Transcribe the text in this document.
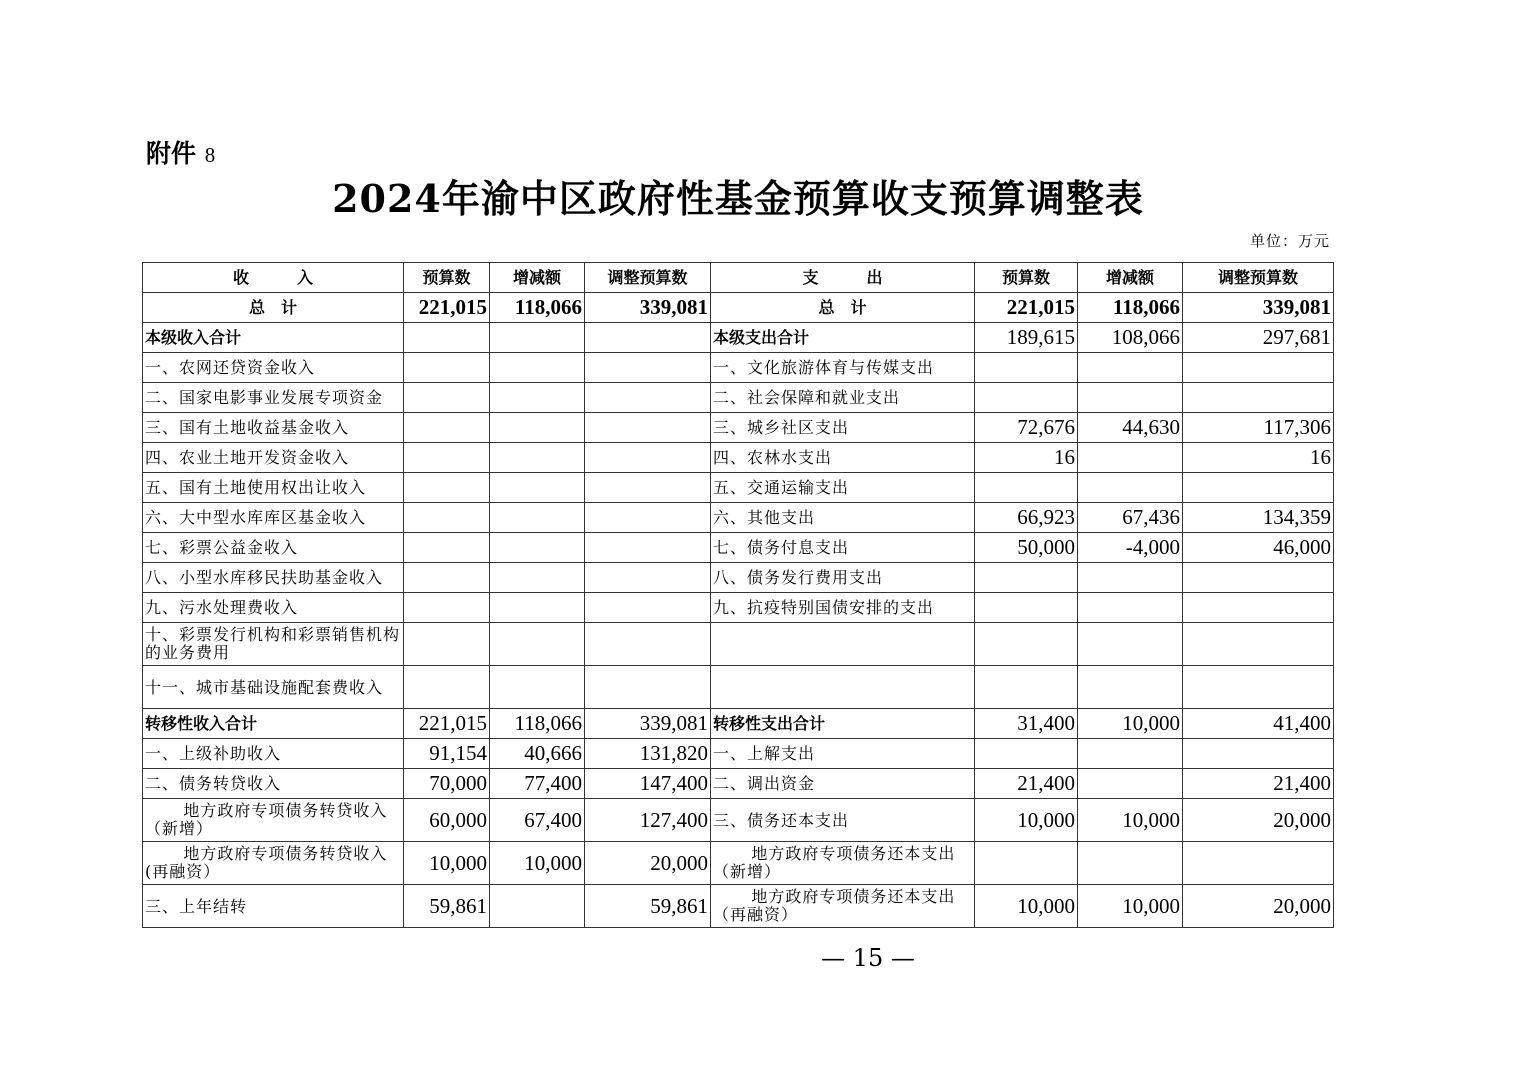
附件 8
2024年渝中区政府性基金预算收支预算调整表
单位：万元
收　　　入	预算数	增减额	调整预算数	支　　　出	预算数	增减额	调整预算数
总　计	221,015	118,066	339,081	总　计	221,015	118,066	339,081
本级收入合计				本级支出合计	189,615	108,066	297,681
一、农网还贷资金收入				一、文化旅游体育与传媒支出			
二、国家电影事业发展专项资金				二、社会保障和就业支出			
三、国有土地收益基金收入				三、城乡社区支出	72,676	44,630	117,306
四、农业土地开发资金收入				四、农林水支出	16		16
五、国有土地使用权出让收入				五、交通运输支出			
六、大中型水库库区基金收入				六、其他支出	66,923	67,436	134,359
七、彩票公益金收入				七、债务付息支出	50,000	-4,000	46,000
八、小型水库移民扶助基金收入				八、债务发行费用支出			
九、污水处理费收入				九、抗疫特别国债安排的支出			
十、彩票发行机构和彩票销售机构的业务费用							
十一、城市基础设施配套费收入							
转移性收入合计	221,015	118,066	339,081	转移性支出合计	31,400	10,000	41,400
一、上级补助收入	91,154	40,666	131,820	一、上解支出			
二、债务转贷收入	70,000	77,400	147,400	二、调出资金	21,400		21,400
地方政府专项债务转贷收入（新增）	60,000	67,400	127,400	三、债务还本支出	10,000	10,000	20,000
地方政府专项债务转贷收入(再融资）	10,000	10,000	20,000	地方政府专项债务还本支出（新增）			
三、上年结转	59,861		59,861	地方政府专项债务还本支出（再融资）	10,000	10,000	20,000
— 15 —
